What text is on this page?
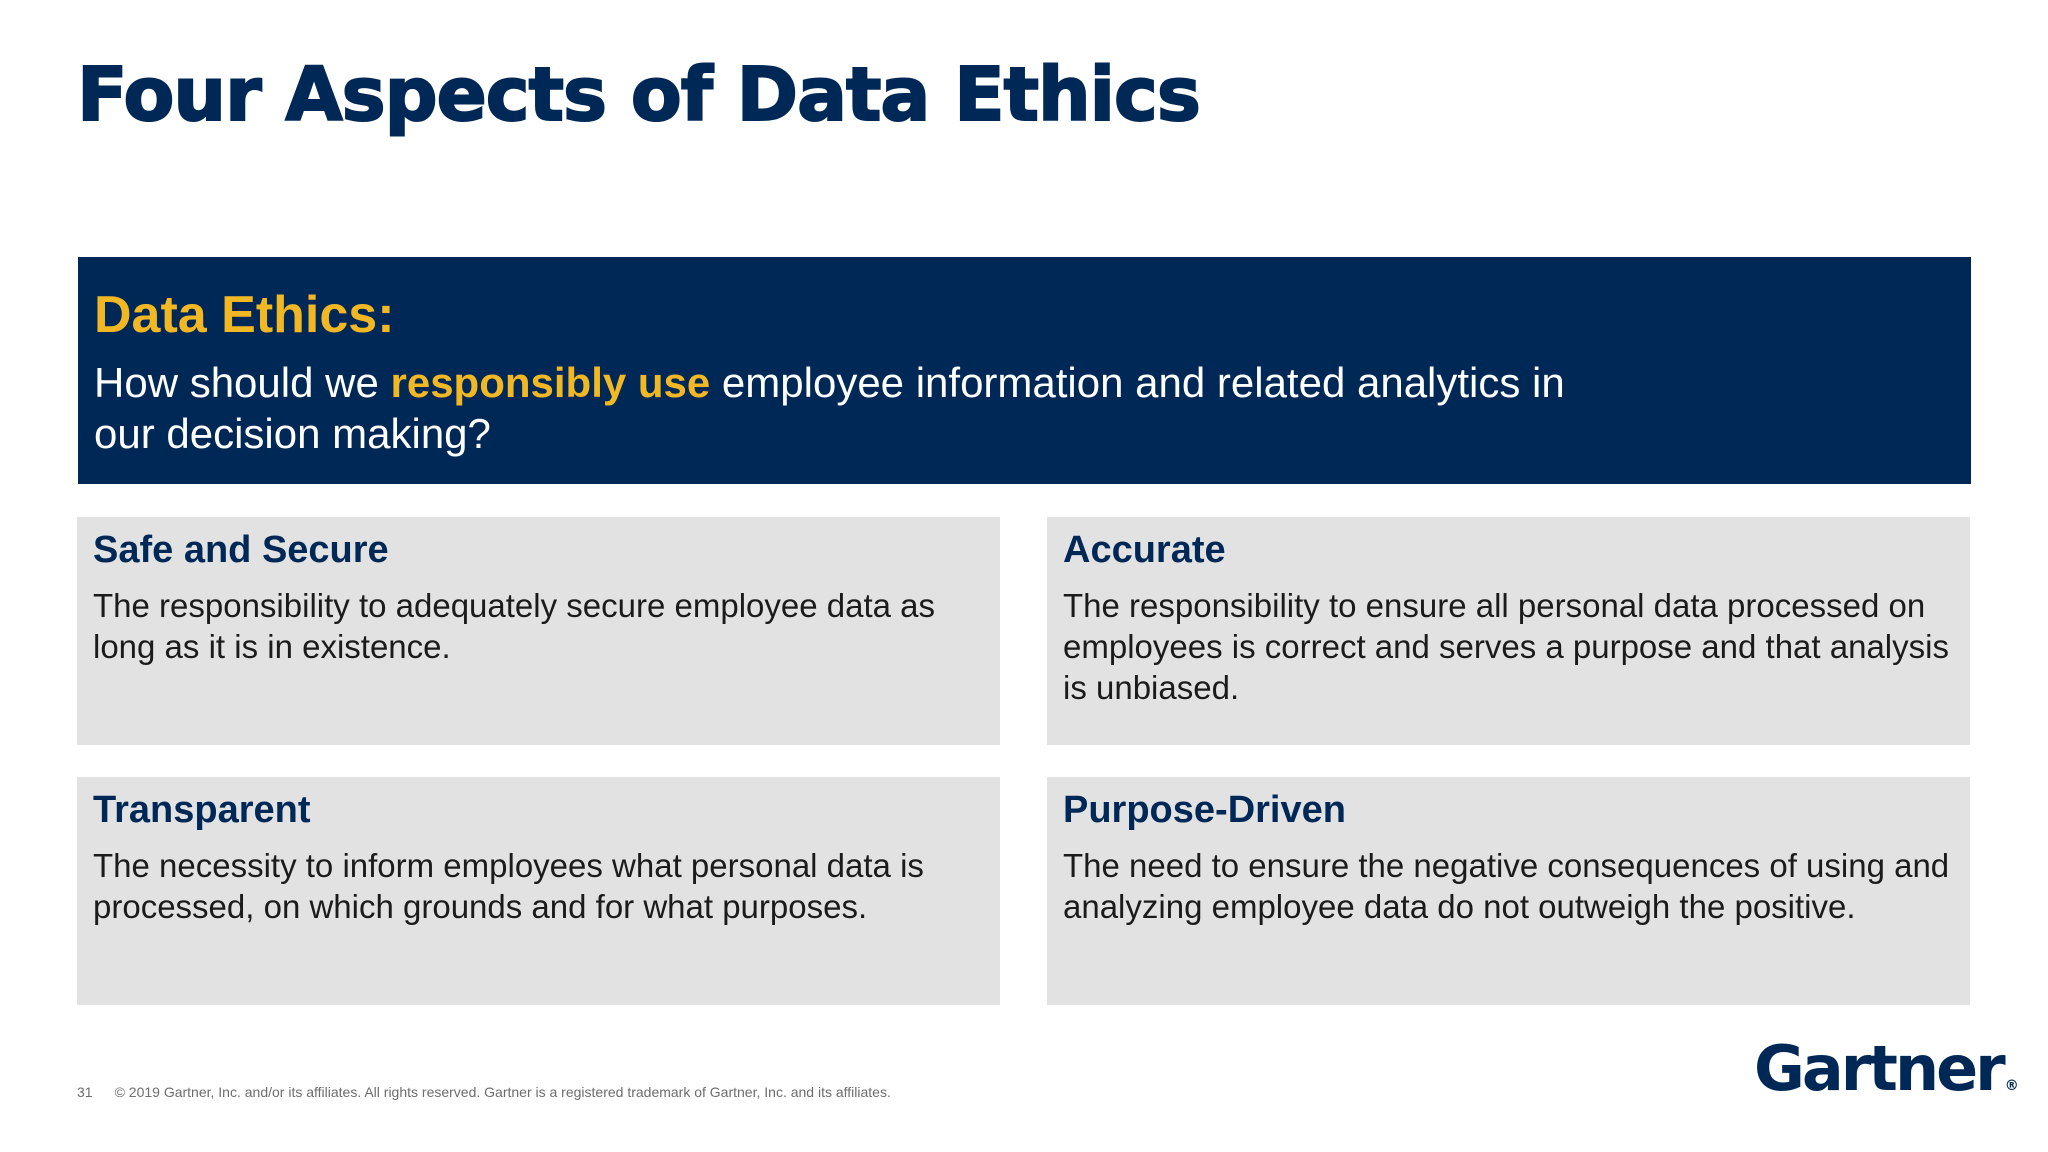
Four Aspects of Data Ethics
Data Ethics:
How should we responsibly use employee information and related analytics in our decision making?
Safe and Secure
The responsibility to adequately secure employee data as long as it is in existence.
Accurate
The responsibility to ensure all personal data processed on employees is correct and serves a purpose and that analysis is unbiased.
Transparent
The necessity to inform employees what personal data is processed, on which grounds and for what purposes.
Purpose-Driven
The need to ensure the negative consequences of using and analyzing employee data do not outweigh the positive.
31 © 2019 Gartner, Inc. and/or its affiliates. All rights reserved. Gartner is a registered trademark of Gartner, Inc. and its affiliates.	Gartner ®
